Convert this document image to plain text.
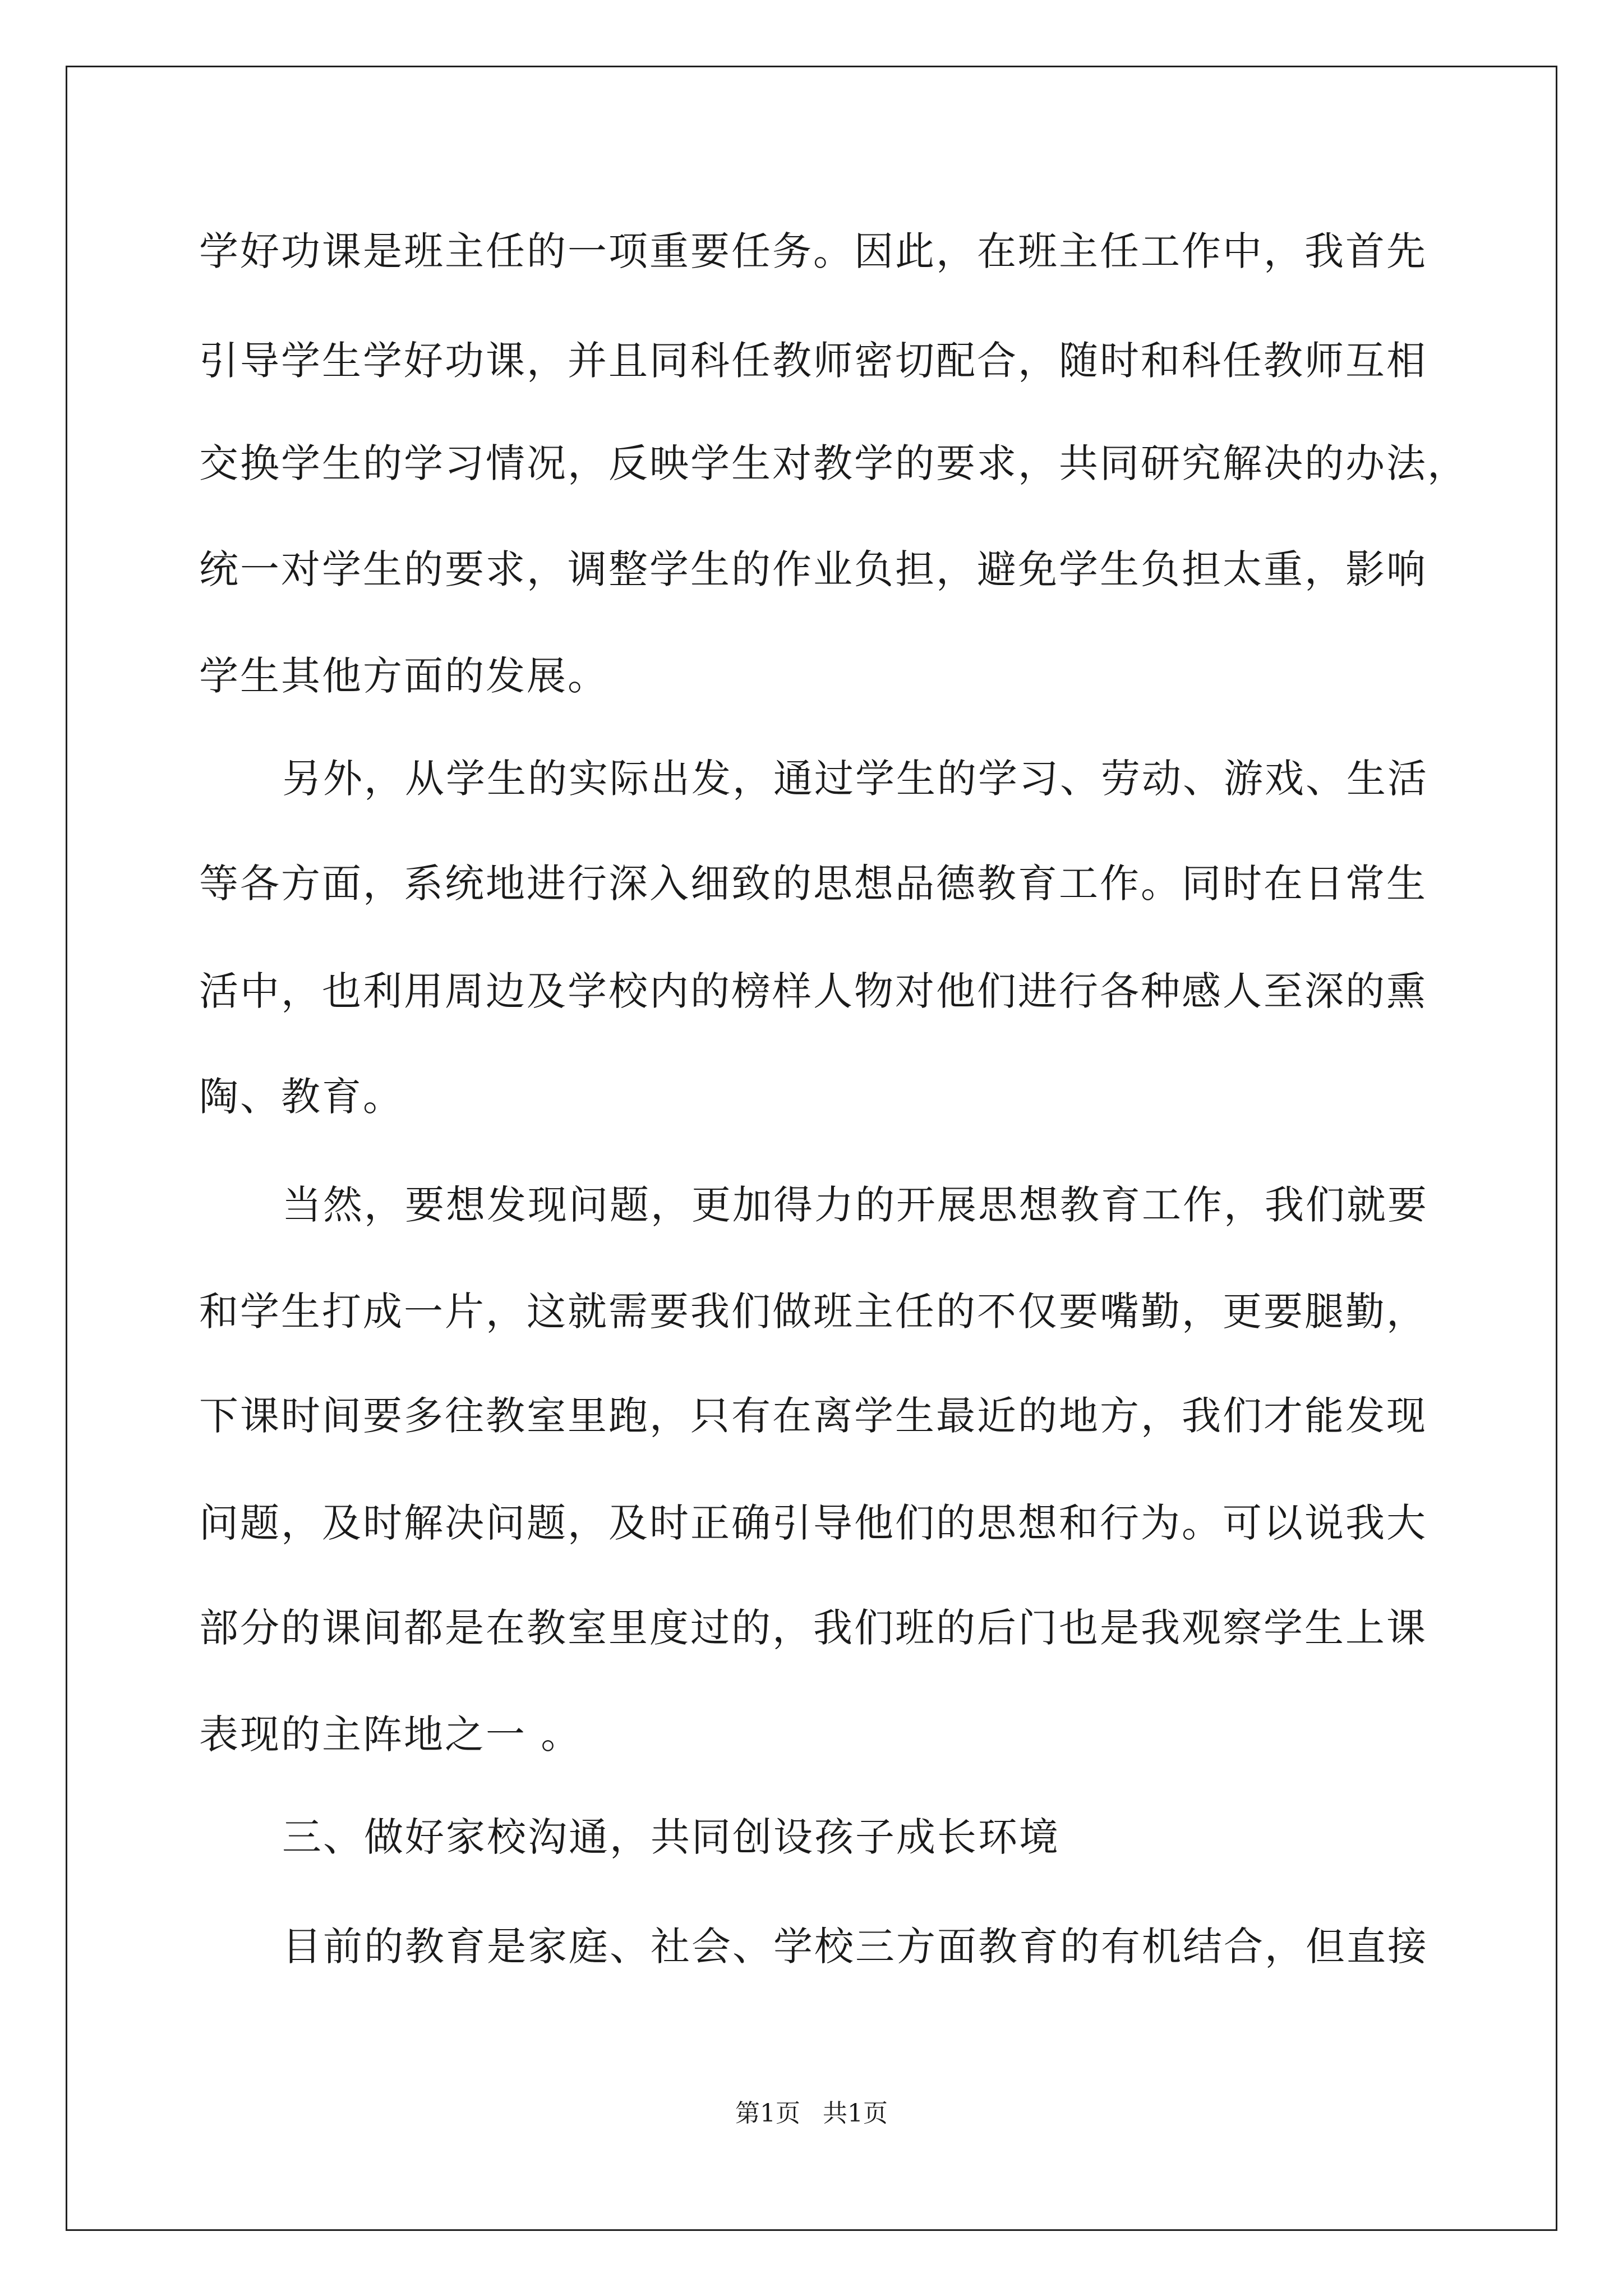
学好功课是班主任的一项重要任务。因此，在班主任工作中，我首先
引导学生学好功课，并且同科任教师密切配合，随时和科任教师互相
交换学生的学习情况，反映学生对教学的要求，共同研究解决的办法，
统一对学生的要求，调整学生的作业负担，避免学生负担太重，影响
学生其他方面的发展。
另外，从学生的实际出发，通过学生的学习、劳动、游戏、生活
等各方面，系统地进行深入细致的思想品德教育工作。同时在日常生
活中，也利用周边及学校内的榜样人物对他们进行各种感人至深的熏
陶、教育。
当然，要想发现问题，更加得力的开展思想教育工作，我们就要
和学生打成一片，这就需要我们做班主任的不仅要嘴勤，更要腿勤，
下课时间要多往教室里跑，只有在离学生最近的地方，我们才能发现
问题，及时解决问题，及时正确引导他们的思想和行为。可以说我大
部分的课间都是在教室里度过的，我们班的后门也是我观察学生上课
表现的主阵地之一 。
三、做好家校沟通，共同创设孩子成长环境
目前的教育是家庭、社会、学校三方面教育的有机结合，但直接
第1页 共1页
